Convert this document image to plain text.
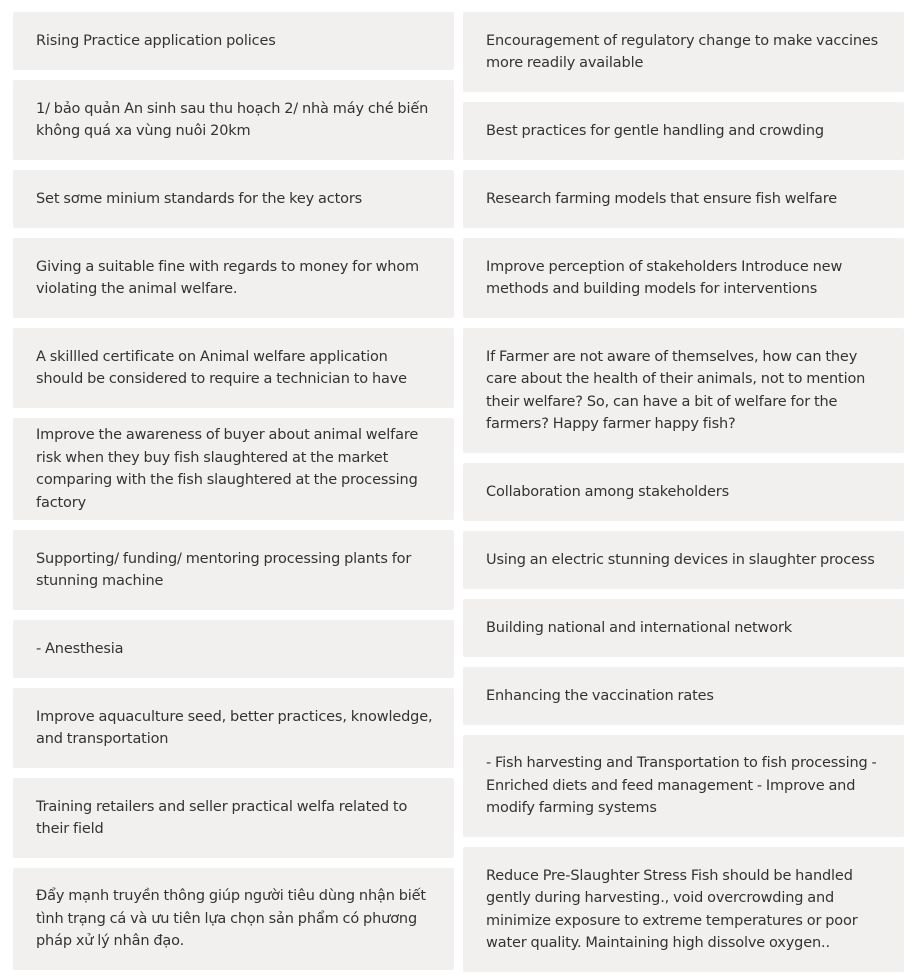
Rising Practice application polices
1/ bảo quản An sinh sau thu hoạch 2/ nhà máy ché biến không quá xa vùng nuôi 20km
Set sơme minium standards for the key actors
Giving a suitable fine with regards to money for whom violating the animal welfare.
A skillled certificate on Animal welfare application should be considered to require a technician to have
Improve the awareness of buyer about animal welfare risk when they buy fish slaughtered at the market comparing with the fish slaughtered at the processing factory
Supporting/ funding/ mentoring processing plants for stunning machine
- Anesthesia
Improve aquaculture seed, better practices, knowledge, and transportation
Training retailers and seller practical welfa related to their field
Đẩy mạnh truyền thông giúp người tiêu dùng nhận biết tình trạng cá và ưu tiên lựa chọn sản phẩm có phương pháp xử lý nhân đạo.
Encouragement of regulatory change to make vaccines more readily available
Best practices for gentle handling and crowding
Research farming models that ensure fish welfare
Improve perception of stakeholders Introduce new methods and building models for interventions
If Farmer are not aware of themselves, how can they care about the health of their animals, not to mention their welfare? So, can have a bit of welfare for the farmers? Happy farmer happy fish?
Collaboration among stakeholders
Using an electric stunning devices in slaughter process
Building national and international network
Enhancing the vaccination rates
- Fish harvesting and Transportation to fish processing - Enriched diets and feed management - Improve and modify farming systems
Reduce Pre-Slaughter Stress Fish should be handled gently during harvesting., void overcrowding and minimize exposure to extreme temperatures or poor water quality. Maintaining high dissolve oxygen..
